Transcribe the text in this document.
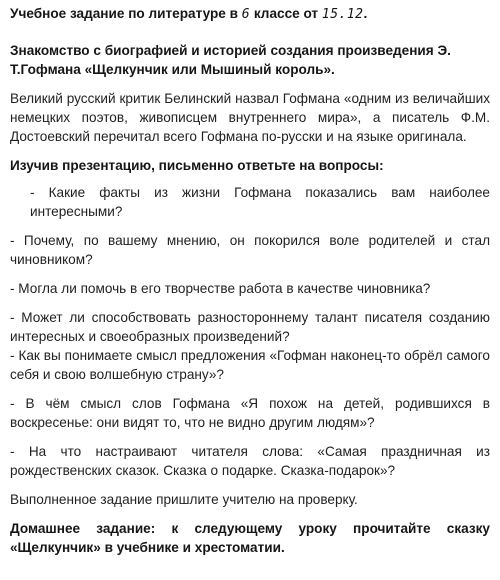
Учебное задание по литературе в 6 классе от 15.12.

Знакомство с биографией и историей создания произведения Э. Т.Гофмана «Щелкунчик или Мышиный король».

Великий русский критик Белинский назвал Гофмана «одним из величайших немецких поэтов, живописцем внутреннего мира», а писатель Ф.М. Достоевский перечитал всего Гофмана по-русски и на языке оригинала.

Изучив презентацию, письменно ответьте на вопросы:

- Какие факты из жизни Гофмана показались вам наиболее интересными?

- Почему, по вашему мнению, он покорился воле родителей и стал чиновником?

- Могла ли помочь в его творчестве работа в качестве чиновника?

- Может ли способствовать разностороннему талант писателя созданию интересных и своеобразных произведений?

- Как вы понимаете смысл предложения «Гофман наконец-то обрёл самого себя и свою волшебную страну»?

- В чём смысл слов Гофмана «Я похож на детей, родившихся в воскресенье: они видят то, что не видно другим людям»?

- На что настраивают читателя слова: «Самая праздничная из рождественских сказок. Сказка о подарке. Сказка-подарок»?

Выполненное задание пришлите учителю на проверку.

Домашнее задание: к следующему уроку прочитайте сказку «Щелкунчик» в учебнике и хрестоматии.
